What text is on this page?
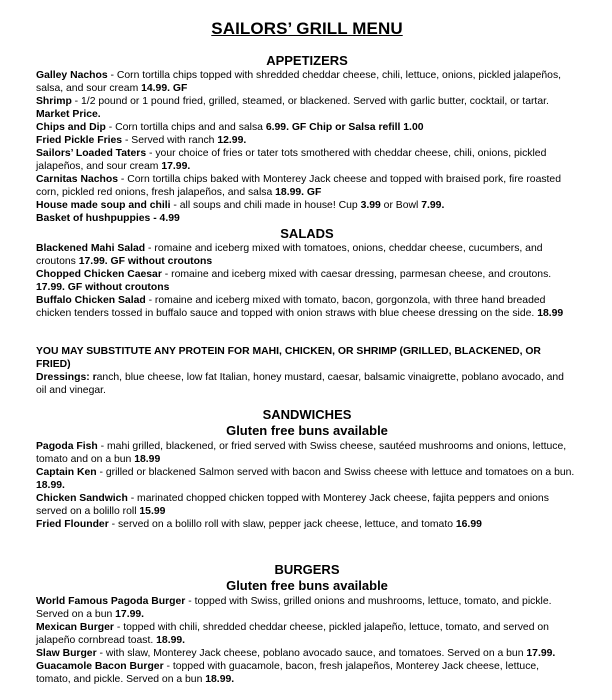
SAILORS’ GRILL MENU
APPETIZERS

Galley Nachos - Corn tortilla chips topped with shredded cheddar cheese, chili, lettuce, onions, pickled jalapeños, salsa, and sour cream 14.99. GF

Shrimp - 1/2 pound or 1 pound fried, grilled, steamed, or blackened. Served with garlic butter, cocktail, or tartar. Market Price.

Chips and Dip - Corn tortilla chips and and salsa 6.99. GF Chip or Salsa refill 1.00

Fried Pickle Fries - Served with ranch 12.99.

Sailors’ Loaded Taters - your choice of fries or tater tots smothered with cheddar cheese, chili, onions, pickled jalapeños, and sour cream 17.99.

Carnitas Nachos - Corn tortilla chips baked with Monterey Jack cheese and topped with braised pork, fire roasted corn, pickled red onions, fresh jalapeños, and salsa 18.99. GF

House made soup and chili - all soups and chili made in house! Cup 3.99 or Bowl 7.99.

Basket of hushpuppies - 4.99

SALADS

Blackened Mahi Salad - romaine and iceberg mixed with tomatoes, onions, cheddar cheese, cucumbers, and croutons 17.99. GF without croutons

Chopped Chicken Caesar - romaine and iceberg mixed with caesar dressing, parmesan cheese, and croutons. 17.99. GF without croutons

Buffalo Chicken Salad - romaine and iceberg mixed with tomato, bacon, gorgonzola, with three hand breaded chicken tenders tossed in buffalo sauce and topped with onion straws with blue cheese dressing on the side. 18.99

YOU MAY SUBSTITUTE ANY PROTEIN FOR MAHI, CHICKEN, OR SHRIMP (GRILLED, BLACKENED, OR FRIED)

Dressings: ranch, blue cheese, low fat Italian, honey mustard, caesar, balsamic vinaigrette, poblano avocado, and oil and vinegar.

SANDWICHES
Gluten free buns available

Pagoda Fish - mahi grilled, blackened, or fried served with Swiss cheese, sautéed mushrooms and onions, lettuce, tomato and on a bun 18.99

Captain Ken - grilled or blackened Salmon served with bacon and Swiss cheese with lettuce and tomatoes on a bun. 18.99.

Chicken Sandwich - marinated chopped chicken topped with Monterey Jack cheese, fajita peppers and onions served on a bolillo roll 15.99

Fried Flounder - served on a bolillo roll with slaw, pepper jack cheese, lettuce, and tomato 16.99

BURGERS
Gluten free buns available

World Famous Pagoda Burger - topped with Swiss, grilled onions and mushrooms, lettuce, tomato, and pickle. Served on a bun 17.99.

Mexican Burger - topped with chili, shredded cheddar cheese, pickled jalapeño, lettuce, tomato, and served on jalapeño cornbread toast. 18.99.

Slaw Burger - with slaw, Monterey Jack cheese, poblano avocado sauce, and tomatoes. Served on a bun 17.99.

Guacamole Bacon Burger - topped with guacamole, bacon, fresh jalapeños, Monterey Jack cheese, lettuce, tomato, and pickle. Served on a bun 18.99.
